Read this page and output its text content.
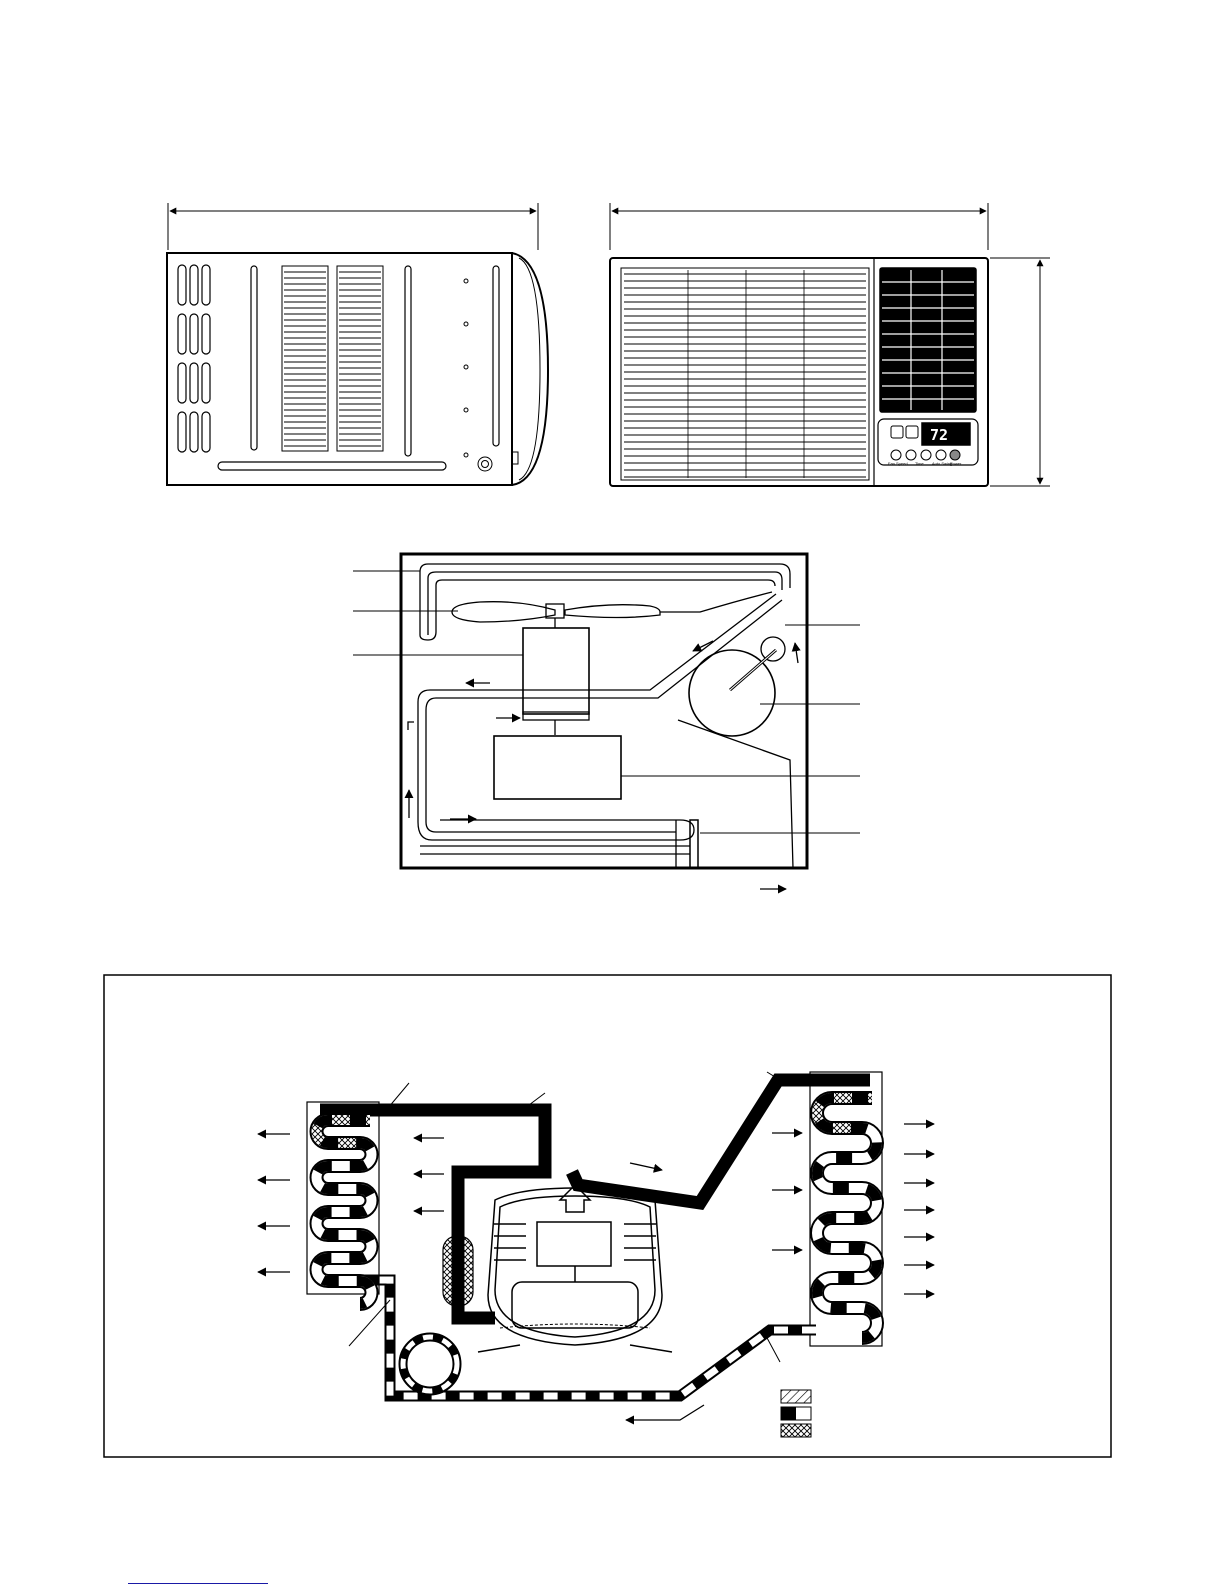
72
Fan Speed Time Auto Swing
Power
